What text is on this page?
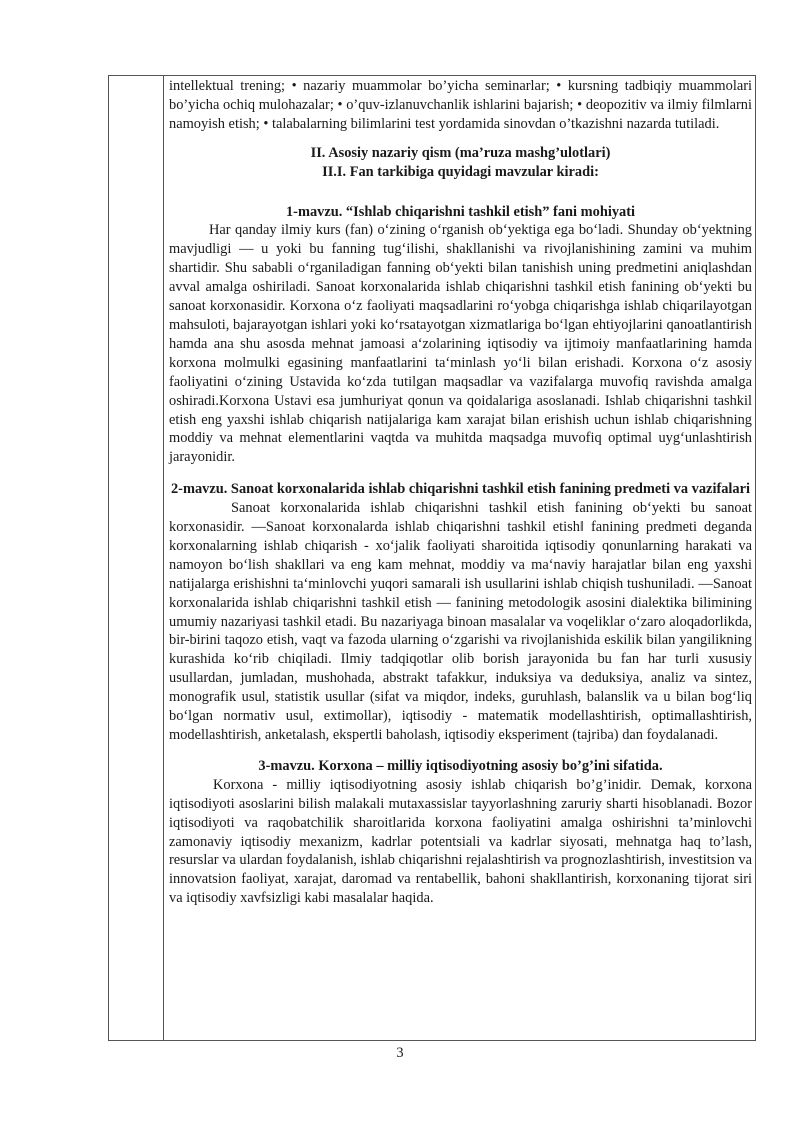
intellektual trening; • nazariy muammolar bo’yicha seminarlar; • kursning tadbiqiy muammolari bo’yicha ochiq mulohazalar; • o’quv-izlanuvchanlik ishlarini bajarish; • deopozitiv va ilmiy filmlarni namoyish etish; • talabalarning bilimlarini test yordamida sinovdan o’tkazishni nazarda tutiladi.

II. Asosiy nazariy qism (ma’ruza mashg’ulotlari)
II.I. Fan tarkibiga quyidagi mavzular kiradi:
1-mavzu. “Ishlab chiqarishni tashkil etish” fani mohiyati

Har qanday ilmiy kurs (fan) o‘zining o‘rganish ob‘yektiga ega bo‘ladi. Shunday ob‘yektning mavjudligi — u yoki bu fanning tug‘ilishi, shakllanishi va rivojlanishining zamini va muhim shartidir. Shu sababli o‘rganiladigan fanning ob‘yekti bilan tanishish uning predmetini aniqlashdan avval amalga oshiriladi. Sanoat korxonalarida ishlab chiqarishni tashkil etish fanining ob‘yekti bu sanoat korxonasidir. Korxona o‘z faoliyati maqsadlarini ro‘yobga chiqarishga ishlab chiqarilayotgan mahsuloti, bajarayotgan ishlari yoki ko‘rsatayotgan xizmatlariga bo‘lgan ehtiyojlarini qanoatlantirish hamda ana shu asosda mehnat jamoasi a‘zolarining iqtisodiy va ijtimoiy manfaatlarining hamda korxona molmulki egasining manfaatlarini ta‘minlash yo‘li bilan erishadi. Korxona o‘z asosiy faoliyatini o‘zining Ustavida ko‘zda tutilgan maqsadlar va vazifalarga muvofiq ravishda amalga oshiradi.Korxona Ustavi esa jumhuriyat qonun va qoidalariga asoslanadi. Ishlab chiqarishni tashkil etish eng yaxshi ishlab chiqarish natijalariga kam xarajat bilan erishish uchun ishlab chiqarishning moddiy va mehnat elementlarini vaqtda va muhitda maqsadga muvofiq optimal uyg‘unlashtirish jarayonidir.

2-mavzu. Sanoat korxonalarida ishlab chiqarishni tashkil etish fanining predmeti va vazifalari

Sanoat korxonalarida ishlab chiqarishni tashkil etish fanining ob‘yekti bu sanoat korxonasidir. ―Sanoat korxonalarda ishlab chiqarishni tashkil etish‖ fanining predmeti deganda korxonalarning ishlab chiqarish - xo‘jalik faoliyati sharoitida iqtisodiy qonunlarning harakati va namoyon bo‘lish shakllari va eng kam mehnat, moddiy va ma‘naviy harajatlar bilan eng yaxshi natijalarga erishishni ta‘minlovchi yuqori samarali ish usullarini ishlab chiqish tushuniladi. ―Sanoat korxonalarida ishlab chiqarishni tashkil etish — fanining metodologik asosini dialektika bilimining umumiy nazariyasi tashkil etadi. Bu nazariyaga binoan masalalar va voqeliklar o‘zaro aloqadorlikda, bir-birini taqozo etish, vaqt va fazoda ularning o‘zgarishi va rivojlanishida eskilik bilan yangilikning kurashida ko‘rib chiqiladi. Ilmiy tadqiqotlar olib borish jarayonida bu fan har turli xususiy usullardan, jumladan, mushohada, abstrakt tafakkur, induksiya va deduksiya, analiz va sintez, monografik usul, statistik usullar (sifat va miqdor, indeks, guruhlash, balanslik va u bilan bog‘liq bo‘lgan normativ usul, extimollar), iqtisodiy - matematik modellashtirish, optimallashtirish, modellashtirish, anketalash, ekspertli baholash, iqtisodiy eksperiment (tajriba) dan foydalanadi.

3-mavzu. Korxona – milliy iqtisodiyotning asosiy bo’g’ini sifatida.

Korxona - milliy iqtisodiyotning asosiy ishlab chiqarish bo’g’inidir. Demak, korxona iqtisodiyoti asoslarini bilish malakali mutaxassislar tayyorlashning zaruriy sharti hisoblanadi. Bozor iqtisodiyoti va raqobatchilik sharoitlarida korxona faoliyatini amalga oshirishni ta’minlovchi zamonaviy iqtisodiy mexanizm, kadrlar potentsiali va kadrlar siyosati, mehnatga haq to’lash, resurslar va ulardan foydalanish, ishlab chiqarishni rejalashtirish va prognozlashtirish, investitsion va innovatsion faoliyat, xarajat, daromad va rentabellik, bahoni shakllantirish, korxonaning tijorat siri va iqtisodiy xavfsizligi kabi masalalar haqida.

3
